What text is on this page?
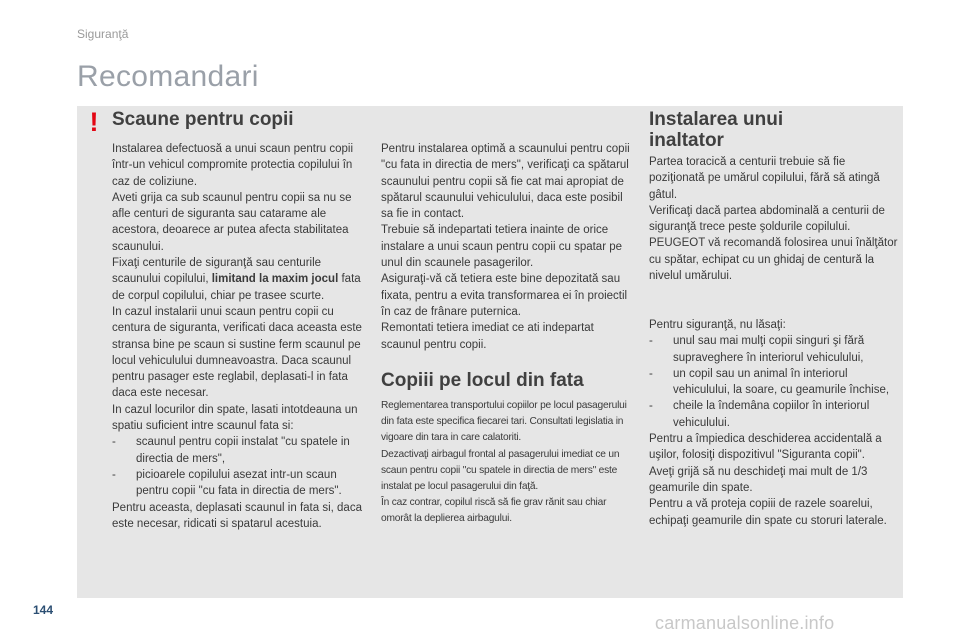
Siguranţă
Recomandari
! Scaune pentru copii

Instalarea defectuosă a unui scaun pentru copii într-un vehicul compromite protectia copilului în caz de coliziune.

Aveti grija ca sub scaunul pentru copii sa nu se afle centuri de siguranta sau catarame ale acestora, deoarece ar putea afecta stabilitatea scaunului.

Fixaţi centurile de siguranţă sau centurile scaunului copilului, limitand la maxim jocul fata de corpul copilului, chiar pe trasee scurte.

In cazul instalarii unui scaun pentru copii cu centura de siguranta, verificati daca aceasta este stransa bine pe scaun si sustine ferm scaunul pe locul vehiculului dumneavoastra. Daca scaunul pentru pasager este reglabil, deplasati-l in fata daca este necesar.

In cazul locurilor din spate, lasati intotdeauna un spatiu suficient intre scaunul fata si:

- scaunul pentru copii instalat "cu spatele in directia de mers",

- picioarele copilului asezat intr-un scaun pentru copii "cu fata in directia de mers".

Pentru aceasta, deplasati scaunul in fata si, daca este necesar, ridicati si spatarul acestuia.

Pentru instalarea optimă a scaunului pentru copii "cu fata in directia de mers", verificaţi ca spătarul scaunului pentru copii să fie cat mai apropiat de spătarul scaunului vehiculului, daca este posibil sa fie in contact.

Trebuie să indepartati tetiera inainte de orice instalare a unui scaun pentru copii cu spatar pe unul din scaunele pasagerilor.

Asiguraţi-vă că tetiera este bine depozitată sau fixata, pentru a evita transformarea ei în proiectil în caz de frânare puternica.

Remontati tetiera imediat ce ati indepartat scaunul pentru copii.

Copiii pe locul din fata

Reglementarea transportului copiilor pe locul pasagerului din fata este specifica fiecarei tari. Consultati legislatia in vigoare din tara in care calatoriti.

Dezactivaţi airbagul frontal al pasagerului imediat ce un scaun pentru copii "cu spatele in directia de mers" este instalat pe locul pasagerului din faţă.

În caz contrar, copilul riscă să fie grav rănit sau chiar omorât la deplierea airbagului.

Instalarea unui inaltator

Partea toracică a centurii trebuie să fie poziţionată pe umărul copilului, fără să atingă gâtul.

Verificaţi dacă partea abdominală a centurii de siguranţă trece peste şoldurile copilului.

PEUGEOT vă recomandă folosirea unui înălţător cu spătar, echipat cu un ghidaj de centură la nivelul umărului.

Pentru siguranţă, nu lăsaţi:

- unul sau mai mulţi copii singuri şi fără supraveghere în interiorul vehiculului,

- un copil sau un animal în interiorul vehiculului, la soare, cu geamurile închise,

- cheile la îndemâna copiilor în interiorul vehiculului.

Pentru a împiedica deschiderea accidentală a uşilor, folosiţi dispozitivul "Siguranta copii".

Aveţi grijă să nu deschideţi mai mult de 1/3 geamurile din spate.

Pentru a vă proteja copiii de razele soarelui, echipaţi geamurile din spate cu storuri laterale.

144
carmanualsonline.info
